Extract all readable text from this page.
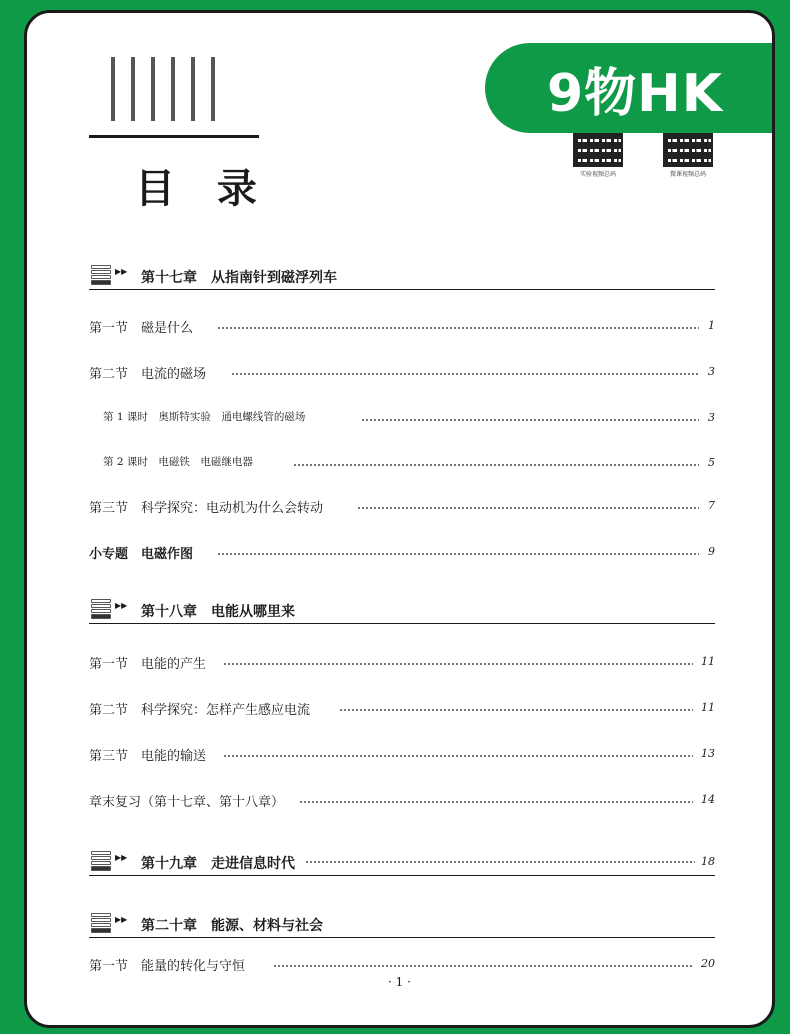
目 录
9物HK
实验视频总码	微课视频总码
▶▶ 第十七章　从指南针到磁浮列车
第一节　磁是什么	1
第二节　电流的磁场	3
第 1 课时　奥斯特实验　通电螺线管的磁场	3
第 2 课时　电磁铁　电磁继电器	5
第三节　科学探究：电动机为什么会转动	7
小专题　电磁作图	9
▶▶ 第十八章　电能从哪里来
第一节　电能的产生	11
第二节　科学探究：怎样产生感应电流	11
第三节　电能的输送	13
章末复习（第十七章、第十八章）	14
▶▶ 第十九章　走进信息时代	18
▶▶ 第二十章　能源、材料与社会
第一节　能量的转化与守恒	20
· 1 ·
